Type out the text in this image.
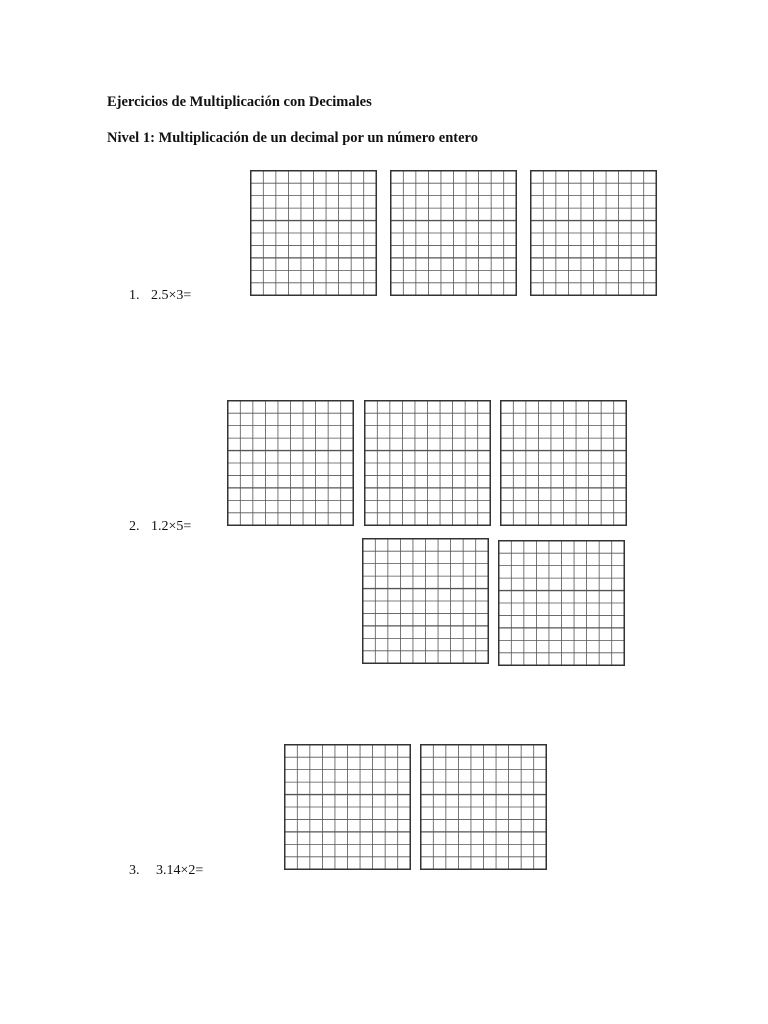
Ejercicios de Multiplicación con Decimales
Nivel 1: Multiplicación de un decimal por un número entero
1. 2.5×3=
2. 1.2×5=
3. 3.14×2=
